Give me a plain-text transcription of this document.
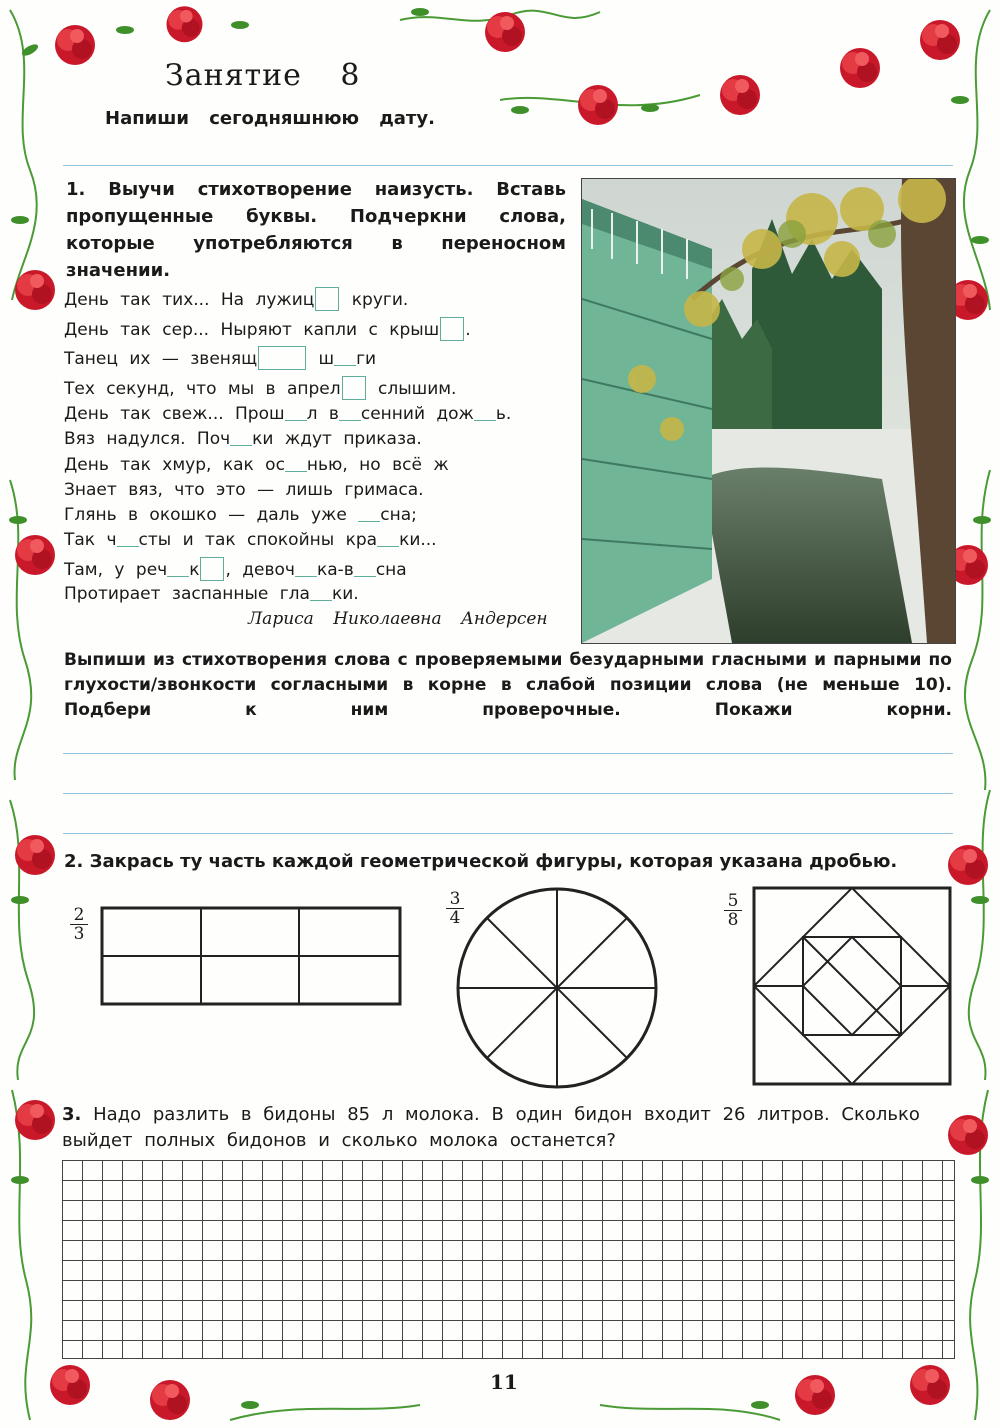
Занятие 8
Напиши сегодняшнюю дату.
1. Выучи стихотворение наизусть. Вставь пропущенные буквы. Подчеркни слова, которые употребляются в переносном значении.
День так тих... На лужиц круги.
День так сер... Ныряют капли с крыш .
Танец их — звенящ	ш ги
Тех секунд, что мы в апрел слышим.
День так свеж... Прош л в сенний дож ь.
Вяз надулся. Поч ки ждут приказа.
День так хмур, как ос нью, но всё ж
Знает вяз, что это — лишь гримаса.
Глянь в окошко — даль уже сна;
Так ч сты и так спокойны кра ки...
Там, у реч к , девоч ка-в сна
Протирает заспанные гла ки.
Лариса Николаевна Андерсен
Выпиши из стихотворения слова с проверяемыми безударными гласными и парными по глухости/звонкости согласными в корне в слабой позиции слова (не меньше 10). Подбери к ним проверочные. Покажи корни.
2. Закрась ту часть каждой геометрической фигуры, которая указана дробью.
$\frac{2}{3}$	$\frac{3}{4}$	$\frac{5}{8}$
3. Надо разлить в бидоны 85 л молока. В один бидон входит 26 литров. Сколько выйдет полных бидонов и сколько молока останется?
11
